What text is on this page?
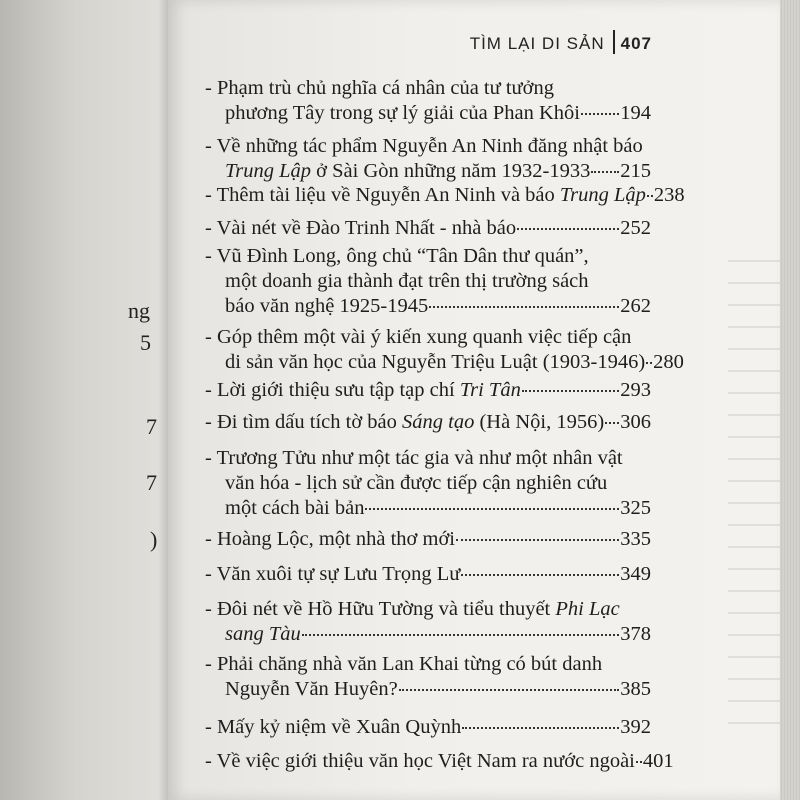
ng
5
7
7
)
TÌM LẠI DI SẢN 407
- Phạm trù chủ nghĩa cá nhân của tư tưởng
phương Tây trong sự lý giải của Phan Khôi 194
- Về những tác phẩm Nguyễn An Ninh đăng nhật báo
Trung Lập ở Sài Gòn những năm 1932-1933 215
- Thêm tài liệu về Nguyễn An Ninh và báo Trung Lập 238
- Vài nét về Đào Trinh Nhất - nhà báo	252
- Vũ Đình Long, ông chủ “Tân Dân thư quán”,
một doanh gia thành đạt trên thị trường sách
báo văn nghệ 1925-1945	262
- Góp thêm một vài ý kiến xung quanh việc tiếp cận
di sản văn học của Nguyễn Triệu Luật (1903-1946) 280
- Lời giới thiệu sưu tập tạp chí Tri Tân	293
- Đi tìm dấu tích tờ báo Sáng tạo (Hà Nội, 1956) 306
- Trương Tửu như một tác gia và như một nhân vật
văn hóa - lịch sử cần được tiếp cận nghiên cứu
một cách bài bản	325
- Hoàng Lộc, một nhà thơ mới	335
- Văn xuôi tự sự Lưu Trọng Lư	349
- Đôi nét về Hồ Hữu Tường và tiểu thuyết Phi Lạc
sang Tàu	378
- Phải chăng nhà văn Lan Khai từng có bút danh
Nguyễn Văn Huyên?	385
- Mấy kỷ niệm về Xuân Quỳnh	392
- Về việc giới thiệu văn học Việt Nam ra nước ngoài 401
